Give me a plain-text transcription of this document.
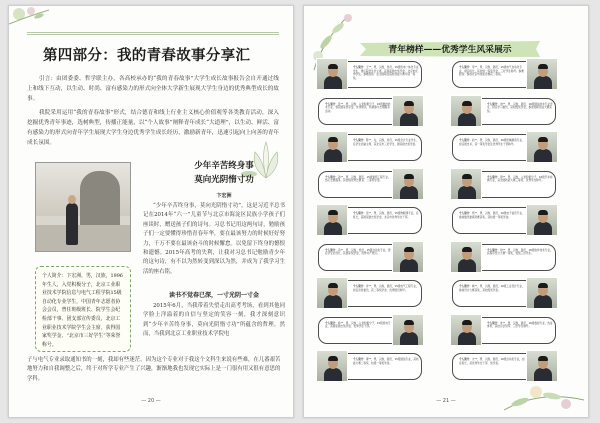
第四部分：我的青春故事分享汇
引言：由团委委、哲学联主办，各高校承办的“我的青春故事”大学生成长故事报告会自开通过线上和线下互动，以生动、时尚、富有感染力的形式向全体大学新生展现大学生身边的优秀典型成长的故事。
我院采用运用“我的青春故事”形式，结合德育和线上行业主义核心价值观等各类教育活动，深入挖掘优秀青年事迹，选树典型，传播正能量，以“个人故事”阐释青年成长“大道理”，以生动、鲜活、富有感染力的形式向青年学生展现大学生身边优秀学生成长经历，激励新青年，迅速引起向上向善的青年成长氛围。
少年辛苦终身事
莫向光阴惰寸功
卞宏洲
个人简介：卞宏洲，男，汉族，1996年生人，入党积极分子，北京工业职业技术学院信息与电气工程学院15级自动化专业学生，中国青年志愿者协会会员，曾任班级班长、院学生会纪检部干事、团支部宣传委员，北京工业职业技术学院学生会主席，获得国家奖学金、“北京市三好学生”等荣誉称号。
“少年辛苦终身事，莫向光阴惰寸功”，这是习近平总书记在2014年“六一”儿童节与北京市海淀区民族小学孩子们座谈时，赠送孩子们的诗句。习总书记用这两句诗，勉励孩子们一定要懂得珍惜青春年华，要在最该努力的时候好好努力，千万不要在最该奋斗的时候懈怠。以免留下终身的憾恨和遗憾。2015年高考的失利，让我对习总书记勉励青少年的这句诗，有不以为然转变到深以为然，并成为了我学习生活的座右铭。
读书不觉春已深，一寸光阴一寸金
2015年6月，当我带着失望走出高考考场，看到其他同学脸上洋溢着的自信与坚定的笑容一刻，我才深刻意识到“少年辛苦终身事，莫向光阴惰寸功”所蕴含的哲理。然而，当我到北京工业职业技术学院电
子与电气专业录取通知书的一刻，我却有些迷茫。因为这个专业对于我这个文科生来说有些难，在几番艰苦地努力和自我调整之后，终于对所学专业产生了兴趣，渐渐地我也发现它实际上是一门很有用又很有意思的学科。
— 20 —
青年榜样——优秀学生风采展示
个人简介：王**，男，汉族，党员，15级机电一体化专业学生，曾任院学生会主席，获国家励志奖学金、北京市优秀学生。参赛经验：在全国职业院校技能大赛中获一等奖。
个人简介：李**，男，汉族，团员，15级电气自动化专业，现任班长，获校级一等奖学金、三好学生称号。参赛经验：参加北京市技能竞赛获二等奖。
个人简介：张**，男，汉族，入党积极分子，16级数控技术专业，曾获国家奖学金、优秀团员，积极参与志愿服务活动。
个人简介：刘**，男，汉族，团员，16级通信技术专业学生，担任学习委员，获校级奖学金，参加创新创业大赛获奖。
个人简介：陈**，女，汉族，党员，15级会计专业学生，任学生会副主席，获北京市三好学生、国家励志奖学金。
个人简介：赵**，男，汉族，团员，16级机械制造专业，担任团支书，获一等奖学金及优秀学生干部称号。
个人简介：孙**，男，汉族，团员，15级建筑工程专业，热心志愿服务，获校级优秀志愿者、二等奖学金。
个人简介：周**，男，汉族，入党积极分子，16级汽车检测专业，获全国技能大赛三等奖、优秀学生称号。
个人简介：吴**，男，汉族，团员，15级物联网专业，任班长，获国家励志奖学金、北京市优秀学生干部。
个人简介：郑**，男，汉族，团员，16级电子信息专业，参加数学建模竞赛获奖，获校级一等奖学金。
个人简介：冯**，男，汉族，党员，15级自动化专业，曾任学生会部长，获国家奖学金、优秀共产党员。
个人简介：何**，男，汉族，团员，16级软件技术专业，获程序设计大赛一等奖，校级三好学生。
个人简介：许**，男，汉族，团员，15级电气工程专业，担任宣传委员，获二等奖学金、优秀团员称号。
个人简介：韩**，男，汉族，团员，16级工业设计专业，参加设计大赛获奖，获校级奖学金。
个人简介：杨**，男，汉族，入党积极分子，15级机电专业，获国家励志奖学金、优秀学生干部。
个人简介：朱**，男，汉族，团员，16级数控专业，热爱体育，获校运会冠军、三好学生称号。
个人简介：秦**，男，汉族，团员，15级通信专业，获技能大赛二等奖、校级一等奖学金。
个人简介：尤**，男，汉族，团员，16级自动化专业，担任班长，获优秀学生干部、奖学金。
— 21 —
